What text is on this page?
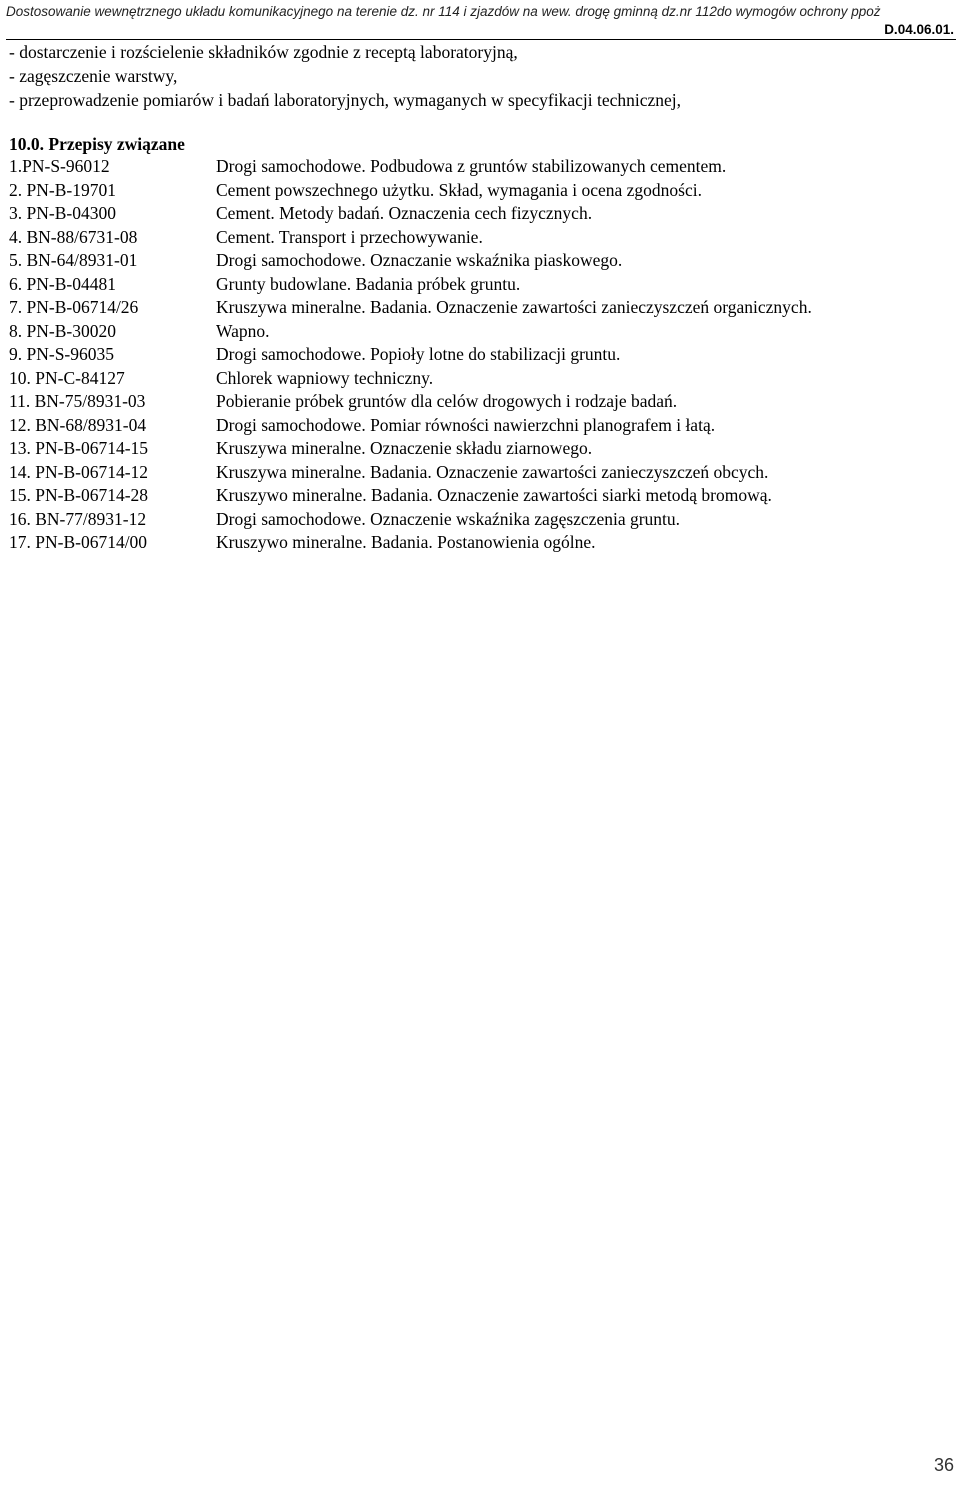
Dostosowanie wewnętrznego układu komunikacyjnego na terenie dz. nr 114 i zjazdów na wew. drogę gminną dz.nr 112do wymogów ochrony ppoż
D.04.06.01.
- dostarczenie i rozścielenie składników zgodnie z receptą laboratoryjną,
- zagęszczenie warstwy,
- przeprowadzenie pomiarów i badań laboratoryjnych, wymaganych w specyfikacji technicznej,
10.0. Przepisy związane
1.PN-S-96012	Drogi samochodowe. Podbudowa z gruntów stabilizowanych cementem.
2. PN-B-19701	Cement powszechnego użytku. Skład, wymagania i ocena zgodności.
3. PN-B-04300	Cement. Metody badań. Oznaczenia cech fizycznych.
4. BN-88/6731-08	Cement. Transport i przechowywanie.
5. BN-64/8931-01	Drogi samochodowe. Oznaczanie wskaźnika piaskowego.
6. PN-B-04481	Grunty budowlane. Badania próbek gruntu.
7. PN-B-06714/26	Kruszywa mineralne. Badania. Oznaczenie zawartości zanieczyszczeń organicznych.
8. PN-B-30020	Wapno.
9. PN-S-96035	Drogi samochodowe. Popioły lotne do stabilizacji gruntu.
10. PN-C-84127	Chlorek wapniowy techniczny.
11. BN-75/8931-03	Pobieranie próbek gruntów dla celów drogowych i rodzaje badań.
12. BN-68/8931-04	Drogi samochodowe. Pomiar równości nawierzchni planografem i łatą.
13. PN-B-06714-15	Kruszywa mineralne. Oznaczenie składu ziarnowego.
14. PN-B-06714-12	Kruszywa mineralne. Badania. Oznaczenie zawartości zanieczyszczeń obcych.
15. PN-B-06714-28	Kruszywo mineralne. Badania. Oznaczenie zawartości siarki metodą bromową.
16. BN-77/8931-12	Drogi samochodowe. Oznaczenie wskaźnika zagęszczenia gruntu.
17. PN-B-06714/00	Kruszywo mineralne. Badania. Postanowienia ogólne.
36
